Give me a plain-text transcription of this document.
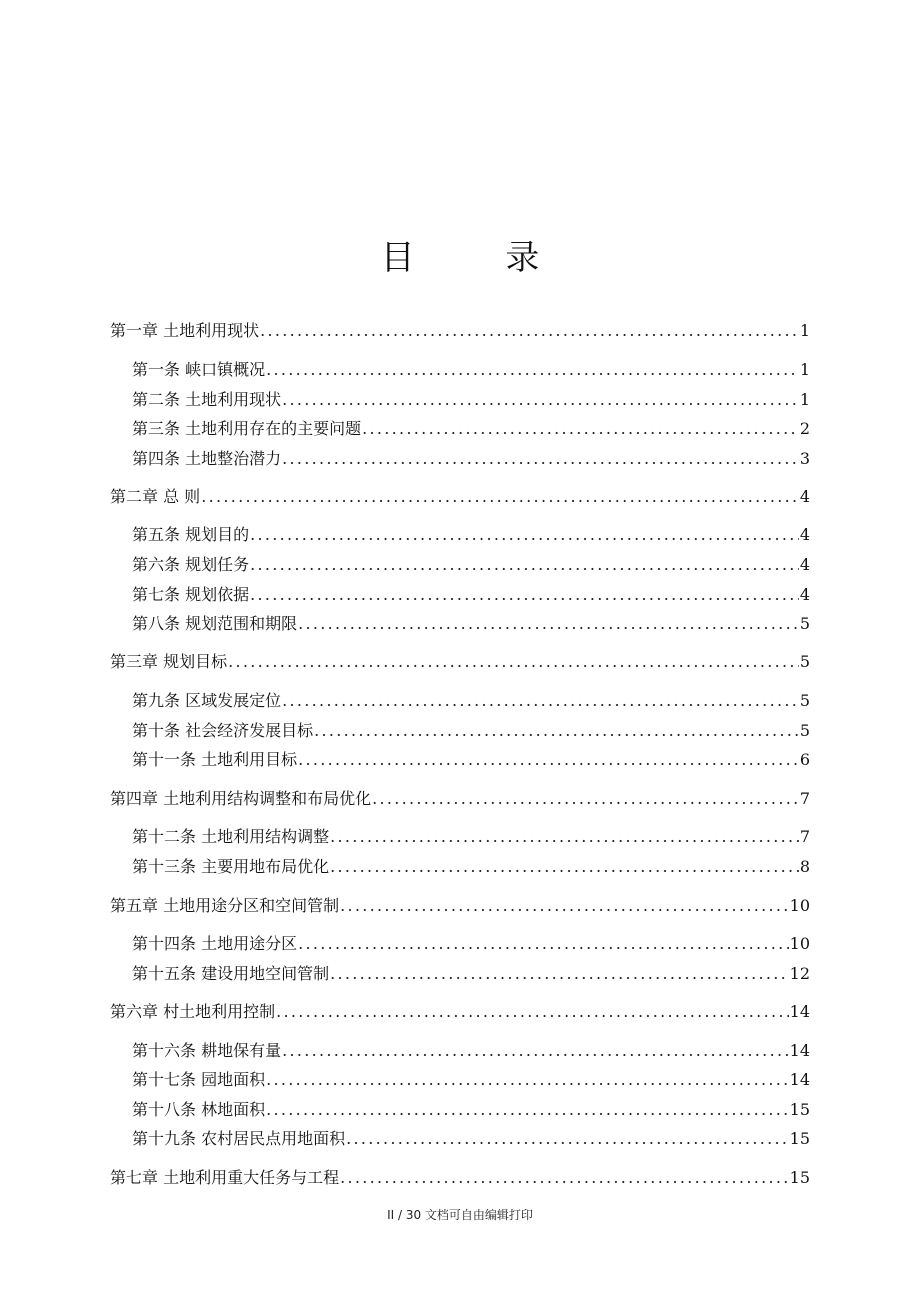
目 录
第一章 土地利用现状 .....	1
第一条 峡口镇概况 .....	1
第二条 土地利用现状 .....	1
第三条 土地利用存在的主要问题 .....	2
第四条 土地整治潜力 .....	3
第二章 总 则 .....	4
第五条 规划目的 .....	4
第六条 规划任务 .....	4
第七条 规划依据 .....	4
第八条 规划范围和期限 .....	5
第三章 规划目标 .....	5
第九条 区域发展定位 .....	5
第十条 社会经济发展目标 .....	5
第十一条 土地利用目标 .....	6
第四章 土地利用结构调整和布局优化 .....	7
第十二条 土地利用结构调整 .....	7
第十三条 主要用地布局优化 .....	8
第五章 土地用途分区和空间管制 .....	10
第十四条 土地用途分区 .....	10
第十五条 建设用地空间管制 .....	12
第六章 村土地利用控制 .....	14
第十六条 耕地保有量 .....	14
第十七条 园地面积 .....	14
第十八条 林地面积 .....	15
第十九条 农村居民点用地面积 .....	15
第七章 土地利用重大任务与工程 .....	15
II / 30 文档可自由编辑打印
